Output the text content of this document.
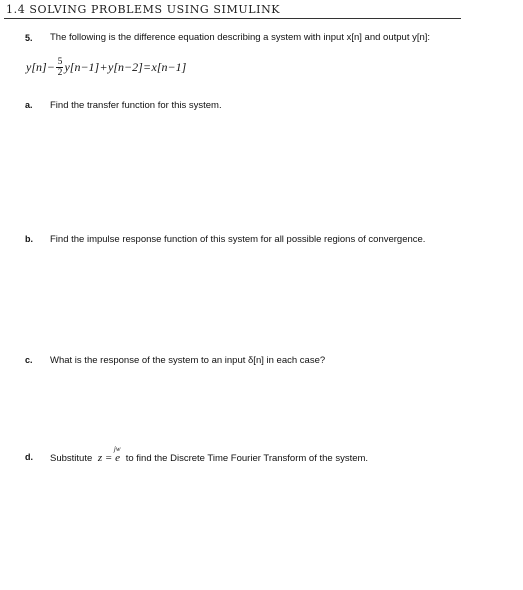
1.4 SOLVING PROBLEMS USING SIMULINK
5. The following is the difference equation describing a system with input x[n] and output y[n]:
$y[n] - \frac{5}{2} y[n-1] + y[n-2] = x[n-1]$
a. Find the transfer function for this system.
b. Find the impulse response function of this system for all possible regions of convergence.
c. What is the response of the system to an input δ[n] in each case?
d. Substitute z = e
jw
to find the Discrete Time Fourier Transform of the system.
